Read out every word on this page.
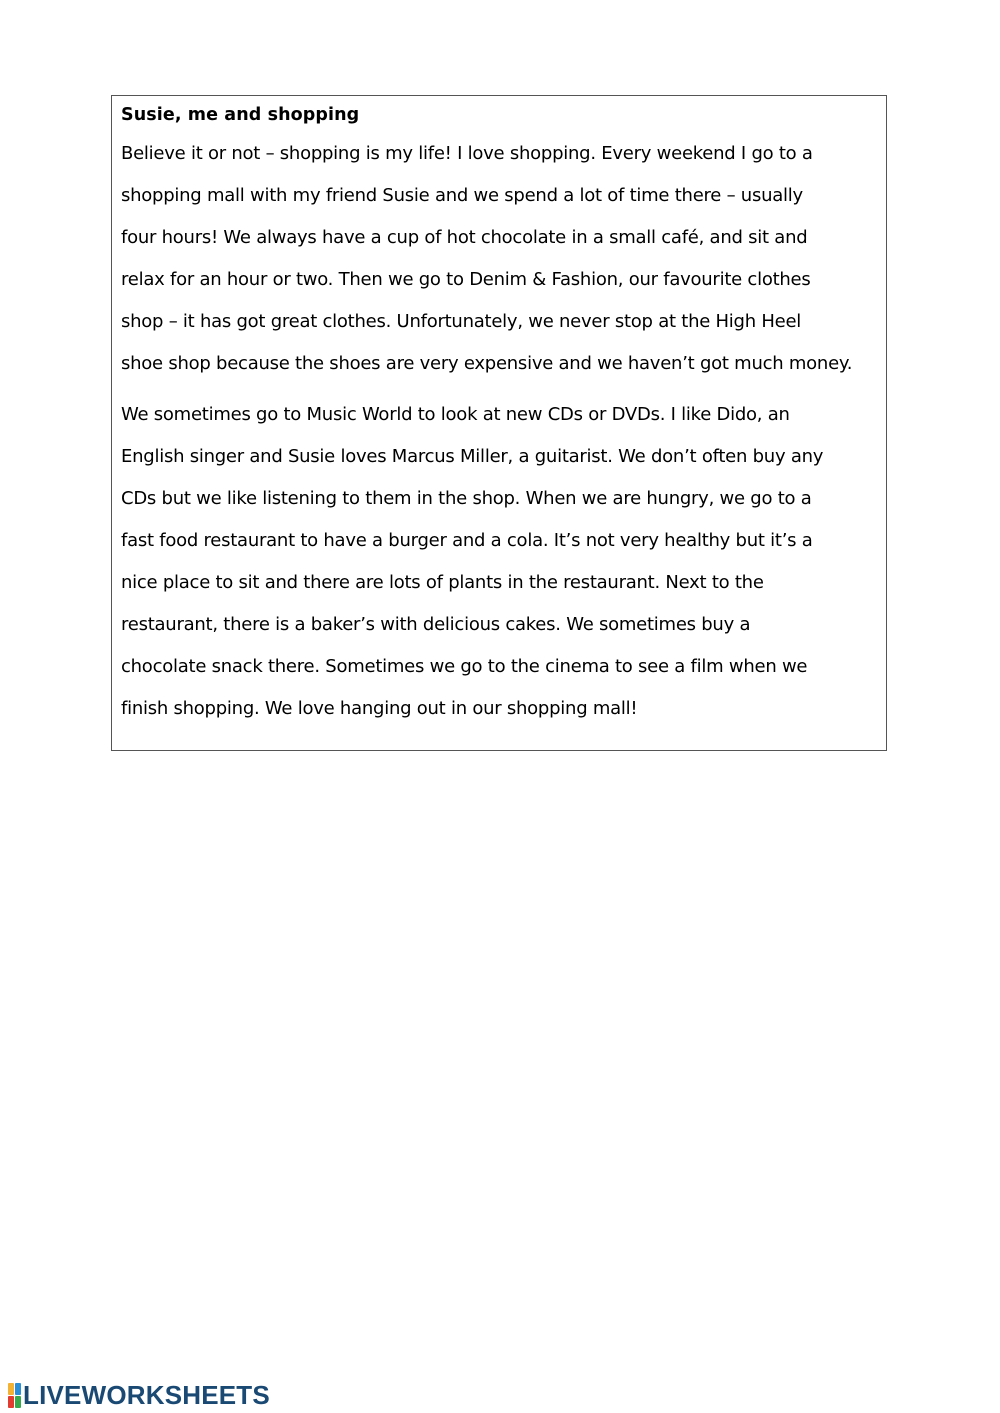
Susie, me and shopping

Believe it or not – shopping is my life! I love shopping. Every weekend I go to a
shopping mall with my friend Susie and we spend a lot of time there – usually
four hours! We always have a cup of hot chocolate in a small café, and sit and
relax for an hour or two. Then we go to Denim & Fashion, our favourite clothes
shop – it has got great clothes. Unfortunately, we never stop at the High Heel
shoe shop because the shoes are very expensive and we haven’t got much money.

We sometimes go to Music World to look at new CDs or DVDs. I like Dido, an
English singer and Susie loves Marcus Miller, a guitarist. We don’t often buy any
CDs but we like listening to them in the shop. When we are hungry, we go to a
fast food restaurant to have a burger and a cola. It’s not very healthy but it’s a
nice place to sit and there are lots of plants in the restaurant. Next to the
restaurant, there is a baker’s with delicious cakes. We sometimes buy a
chocolate snack there. Sometimes we go to the cinema to see a film when we
finish shopping. We love hanging out in our shopping mall!

LIVEWORKSHEETS
